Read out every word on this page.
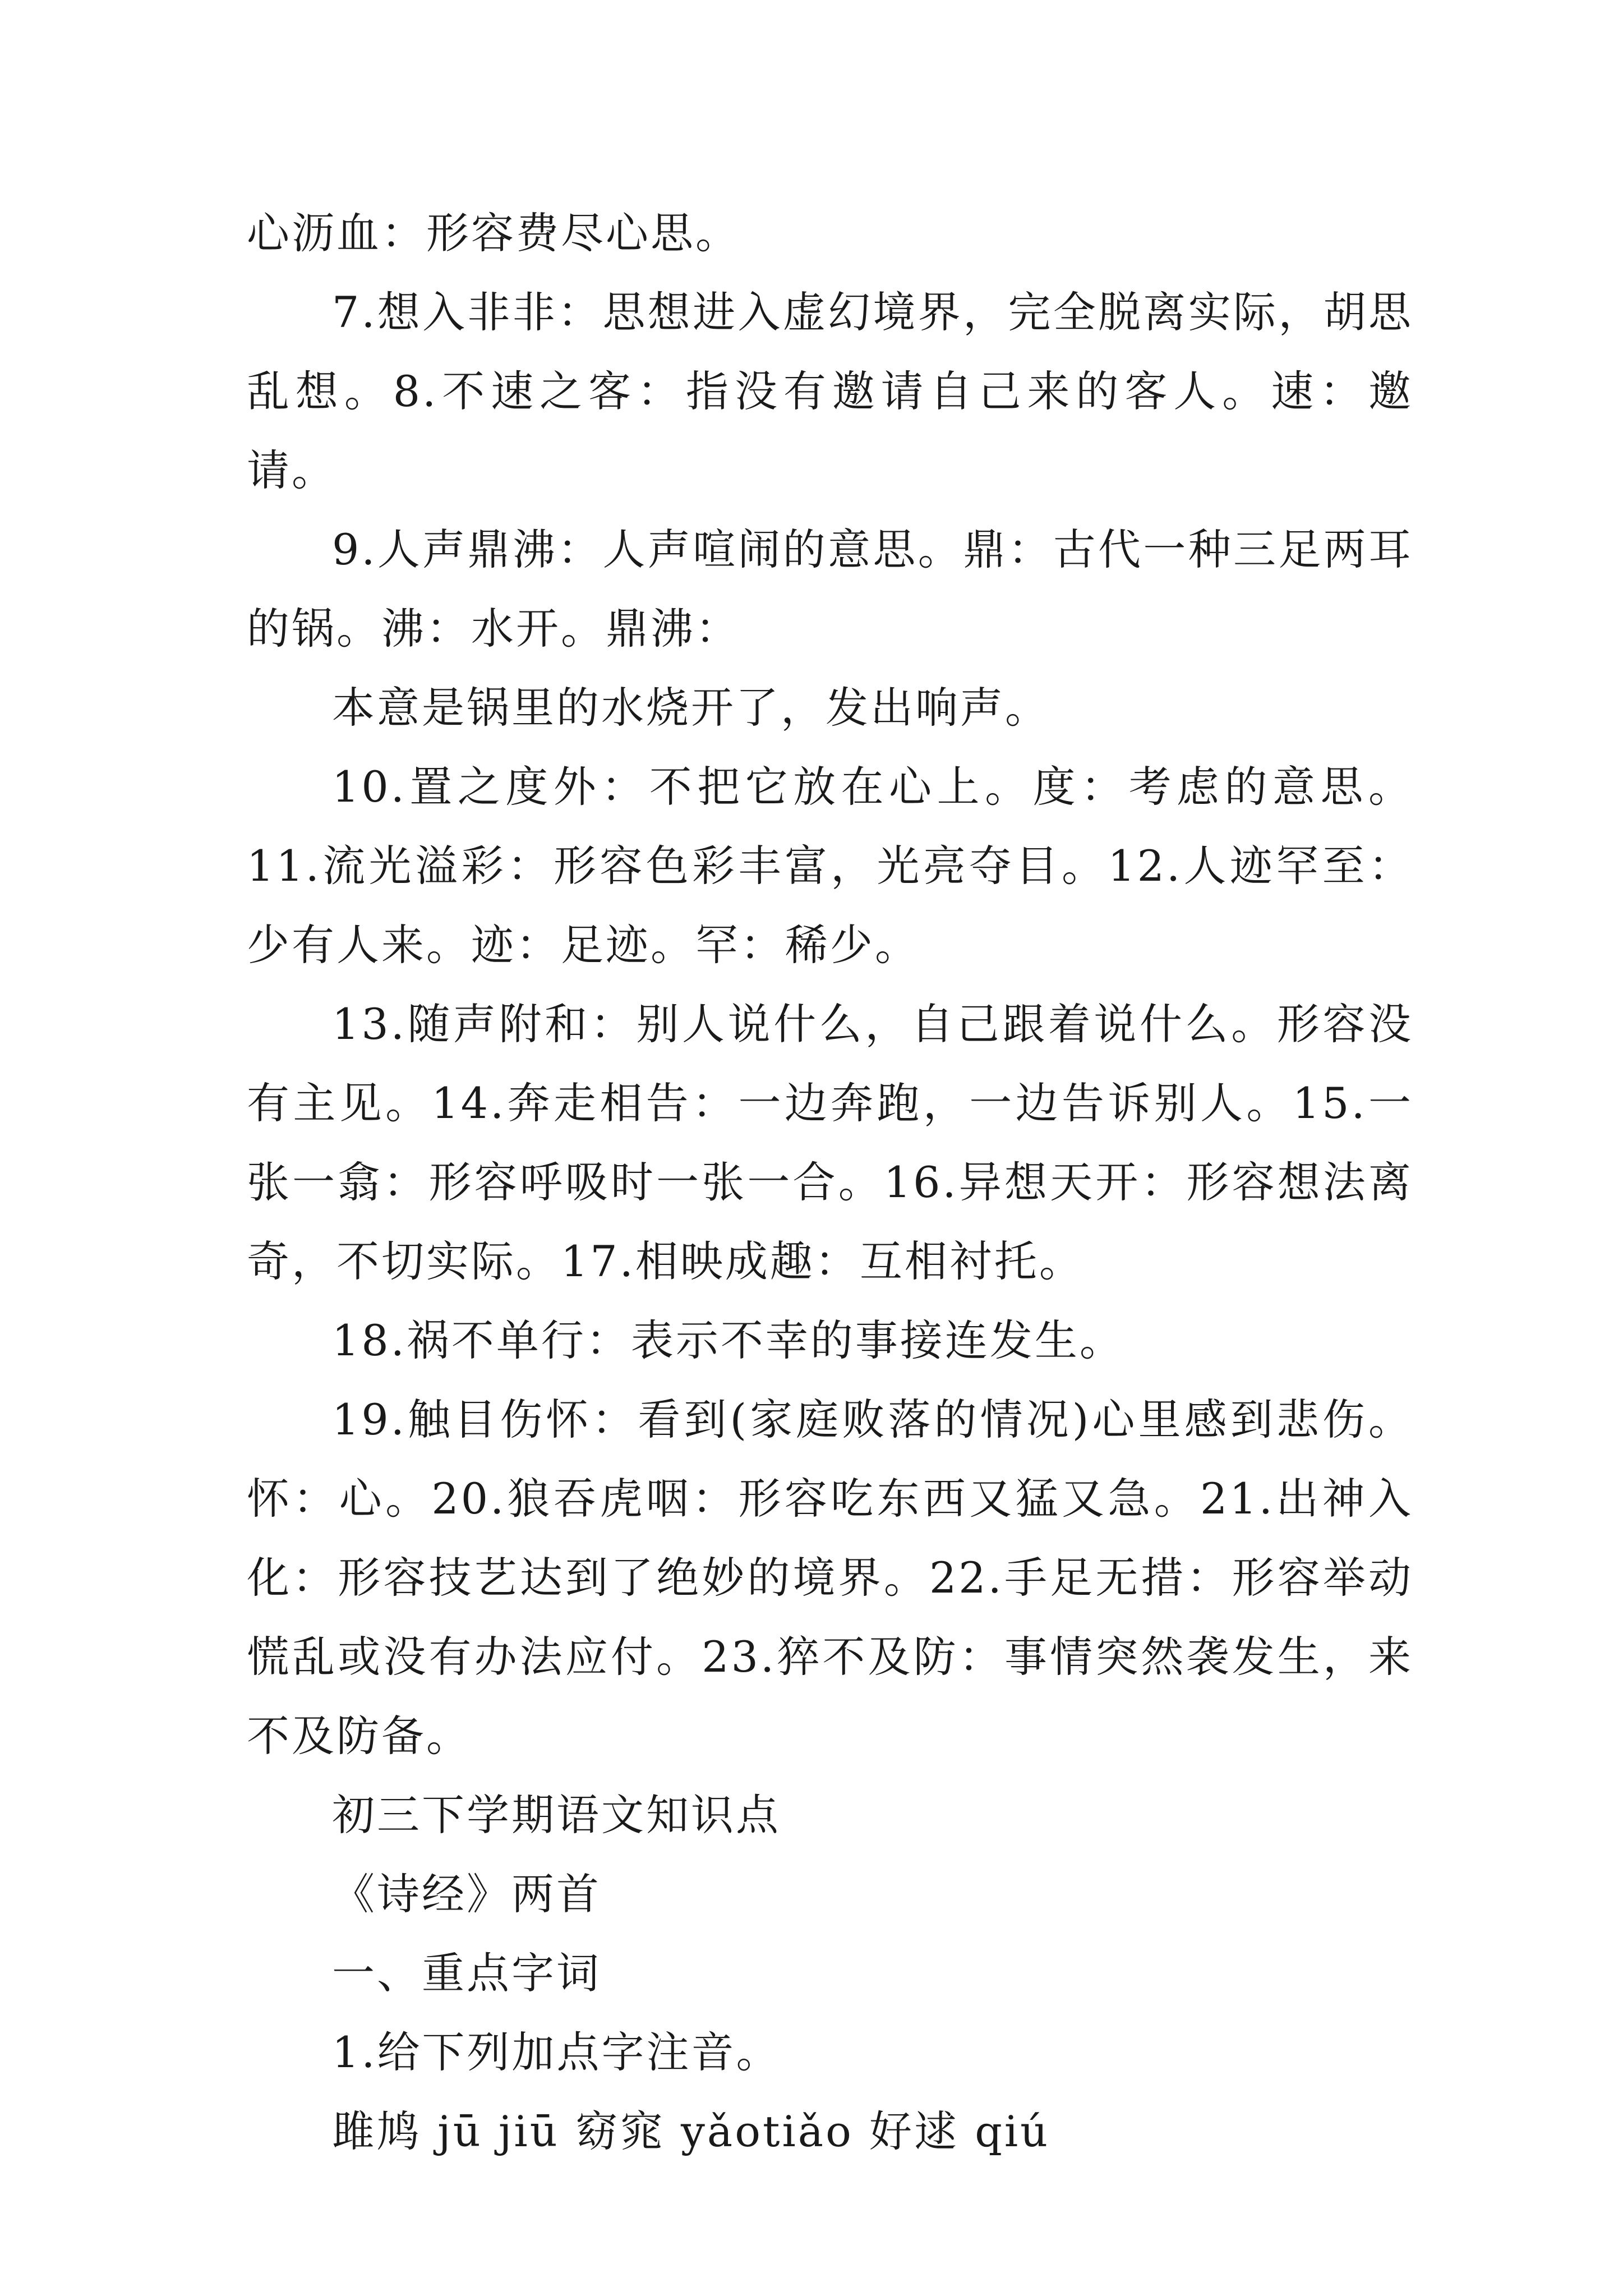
心沥血：形容费尽心思。

7.想入非非：思想进入虚幻境界，完全脱离实际，胡思乱想。8.不速之客：指没有邀请自己来的客人。速：邀请。

9.人声鼎沸：人声喧闹的意思。鼎：古代一种三足两耳的锅。沸：水开。鼎沸：

本意是锅里的水烧开了，发出响声。

10.置之度外：不把它放在心上。度：考虑的意思。11.流光溢彩：形容色彩丰富，光亮夺目。12.人迹罕至：少有人来。迹：足迹。罕：稀少。

13.随声附和：别人说什么，自己跟着说什么。形容没有主见。14.奔走相告：一边奔跑，一边告诉别人。15.一张一翕：形容呼吸时一张一合。16.异想天开：形容想法离奇，不切实际。17.相映成趣：互相衬托。

18.祸不单行：表示不幸的事接连发生。

19.触目伤怀：看到(家庭败落的情况)心里感到悲伤。怀：心。20.狼吞虎咽：形容吃东西又猛又急。21.出神入化：形容技艺达到了绝妙的境界。22.手足无措：形容举动慌乱或没有办法应付。23.猝不及防：事情突然袭发生，来不及防备。

初三下学期语文知识点

《诗经》两首

一、重点字词

1.给下列加点字注音。

雎鸠 jū jiū 窈窕 yǎotiǎo 好逑 qiú
